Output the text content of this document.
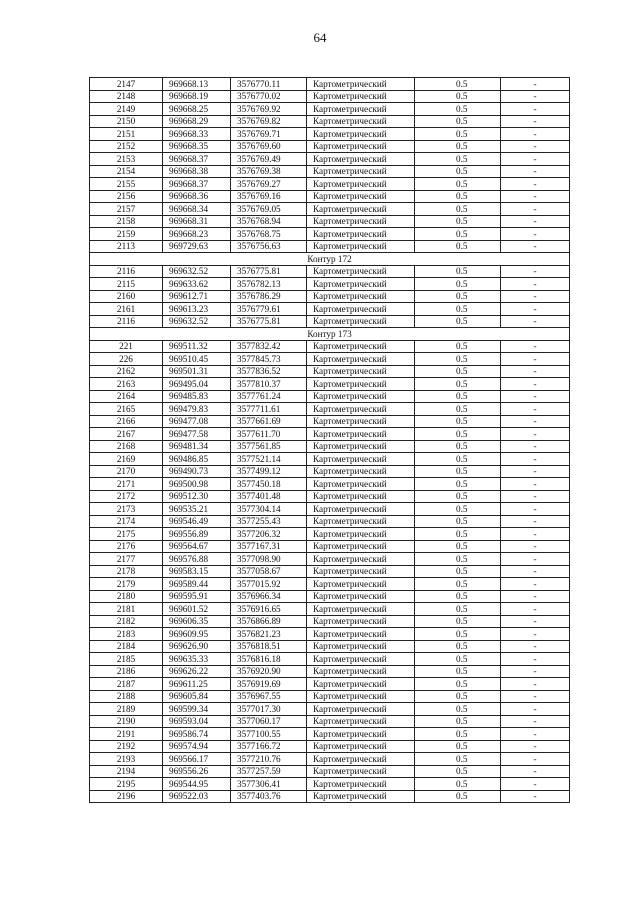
64
2147	969668.13	3576770.11	Картометрический	0.5	-
2148	969668.19	3576770.02	Картометрический	0.5	-
2149	969668.25	3576769.92	Картометрический	0.5	-
2150	969668.29	3576769.82	Картометрический	0.5	-
2151	969668.33	3576769.71	Картометрический	0.5	-
2152	969668.35	3576769.60	Картометрический	0.5	-
2153	969668.37	3576769.49	Картометрический	0.5	-
2154	969668.38	3576769.38	Картометрический	0.5	-
2155	969668.37	3576769.27	Картометрический	0.5	-
2156	969668.36	3576769.16	Картометрический	0.5	-
2157	969668.34	3576769.05	Картометрический	0.5	-
2158	969668.31	3576768.94	Картометрический	0.5	-
2159	969668.23	3576768.75	Картометрический	0.5	-
2113	969729.63	3576756.63	Картометрический	0.5	-
Контур 172					
2116	969632.52	3576775.81	Картометрический	0.5	-
2115	969633.62	3576782.13	Картометрический	0.5	-
2160	969612.71	3576786.29	Картометрический	0.5	-
2161	969613.23	3576779.61	Картометрический	0.5	-
2116	969632.52	3576775.81	Картометрический	0.5	-
Контур 173					
221	969511.32	3577832.42	Картометрический	0.5	-
226	969510.45	3577845.73	Картометрический	0.5	-
2162	969501.31	3577836.52	Картометрический	0.5	-
2163	969495.04	3577810.37	Картометрический	0.5	-
2164	969485.83	3577761.24	Картометрический	0.5	-
2165	969479.83	3577711.61	Картометрический	0.5	-
2166	969477.08	3577661.69	Картометрический	0.5	-
2167	969477.58	3577611.70	Картометрический	0.5	-
2168	969481.34	3577561.85	Картометрический	0.5	-
2169	969486.85	3577521.14	Картометрический	0.5	-
2170	969490.73	3577499.12	Картометрический	0.5	-
2171	969500.98	3577450.18	Картометрический	0.5	-
2172	969512.30	3577401.48	Картометрический	0.5	-
2173	969535.21	3577304.14	Картометрический	0.5	-
2174	969546.49	3577255.43	Картометрический	0.5	-
2175	969556.89	3577206.32	Картометрический	0.5	-
2176	969564.67	3577167.31	Картометрический	0.5	-
2177	969576.88	3577098.90	Картометрический	0.5	-
2178	969583.15	3577058.67	Картометрический	0.5	-
2179	969589.44	3577015.92	Картометрический	0.5	-
2180	969595.91	3576966.34	Картометрический	0.5	-
2181	969601.52	3576916.65	Картометрический	0.5	-
2182	969606.35	3576866.89	Картометрический	0.5	-
2183	969609.95	3576821.23	Картометрический	0.5	-
2184	969626.90	3576818.51	Картометрический	0.5	-
2185	969635.33	3576816.18	Картометрический	0.5	-
2186	969626.22	3576920.90	Картометрический	0.5	-
2187	969611.25	3576919.69	Картометрический	0.5	-
2188	969605.84	3576967.55	Картометрический	0.5	-
2189	969599.34	3577017.30	Картометрический	0.5	-
2190	969593.04	3577060.17	Картометрический	0.5	-
2191	969586.74	3577100.55	Картометрический	0.5	-
2192	969574.94	3577166.72	Картометрический	0.5	-
2193	969566.17	3577210.76	Картометрический	0.5	-
2194	969556.26	3577257.59	Картометрический	0.5	-
2195	969544.95	3577306.41	Картометрический	0.5	-
2196	969522.03	3577403.76	Картометрический	0.5	-
